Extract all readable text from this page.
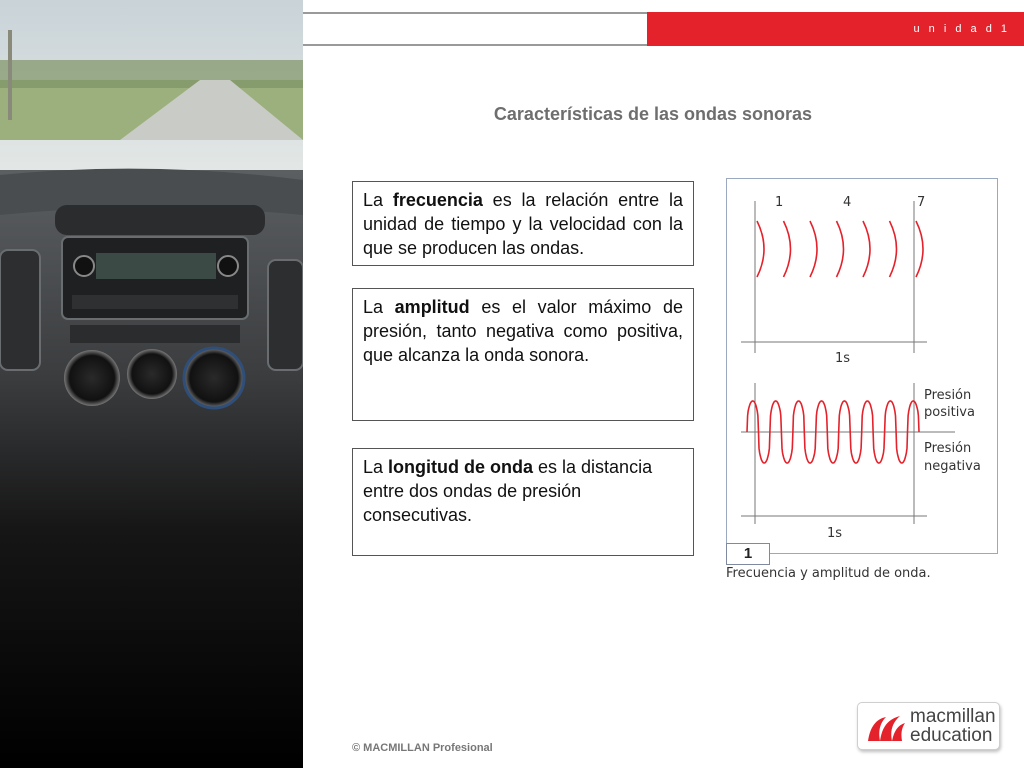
u n i d a d 1
Características de las ondas sonoras
La frecuencia es la relación entre la unidad de tiempo y la velocidad con la que se producen las ondas.
La amplitud es el valor máximo de presión, tanto negativa como positiva, que alcanza la onda sonora.
La longitud de onda es la distancia entre dos ondas de presión consecutivas.
1	4	7
1s
Presión
positiva
Presión
negativa
1s
1
Frecuencia y amplitud de onda.
© MACMILLAN Profesional
macmillan
education
